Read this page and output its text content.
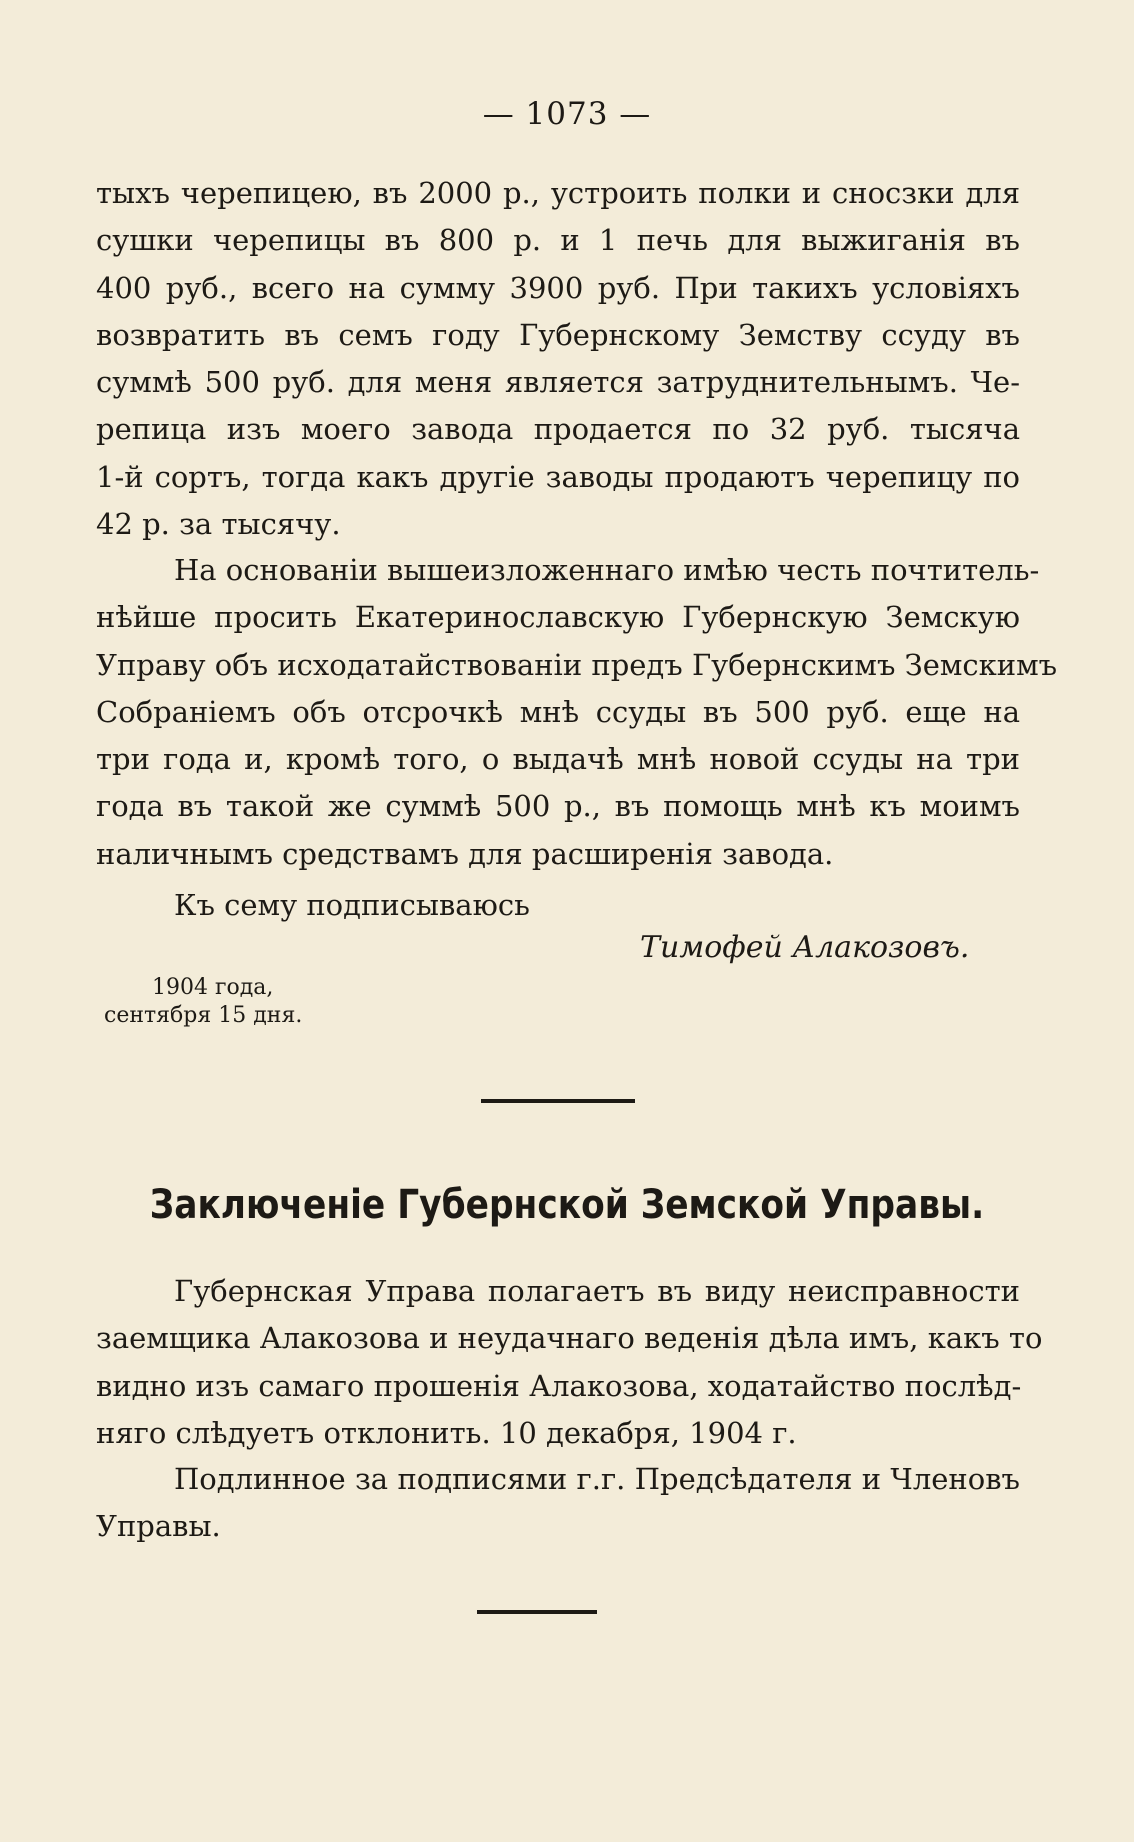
— 1073 —
тыхъ черепицею, въ 2000 р., устроить полки и сносзки для
сушки черепицы въ 800 р. и 1 печь для выжиганія въ
400 руб., всего на сумму 3900 руб. При такихъ условіяхъ
возвратить въ семъ году Губернскому Земству ссуду въ
суммѣ 500 руб. для меня является затруднительнымъ. Че-
репица изъ моего завода продается по 32 руб. тысяча
1-й сортъ, тогда какъ другіе заводы продаютъ черепицу по
42 р. за тысячу.
На основаніи вышеизложеннаго имѣю честь почтитель-
нѣйше просить Екатеринославскую Губернскую Земскую
Управу объ исходатайствованіи предъ Губернскимъ Земскимъ
Собраніемъ объ отсрочкѣ мнѣ ссуды въ 500 руб. еще на
три года и, кромѣ того, о выдачѣ мнѣ новой ссуды на три
года въ такой же суммѣ 500 р., въ помощь мнѣ къ моимъ
наличнымъ средствамъ для расширенія завода.
Къ сему подписываюсь
Тимофей Алакозовъ.
1904 года,
сентября 15 дня.
Заключеніе Губернской Земской Управы.
Губернская Управа полагаетъ въ виду неисправности
заемщика Алакозова и неудачнаго веденія дѣла имъ, какъ то
видно изъ самаго прошенія Алакозова, ходатайство послѣд-
няго слѣдуетъ отклонить. 10 декабря, 1904 г.
Подлинное за подписями г.г. Предсѣдателя и Членовъ
Управы.
